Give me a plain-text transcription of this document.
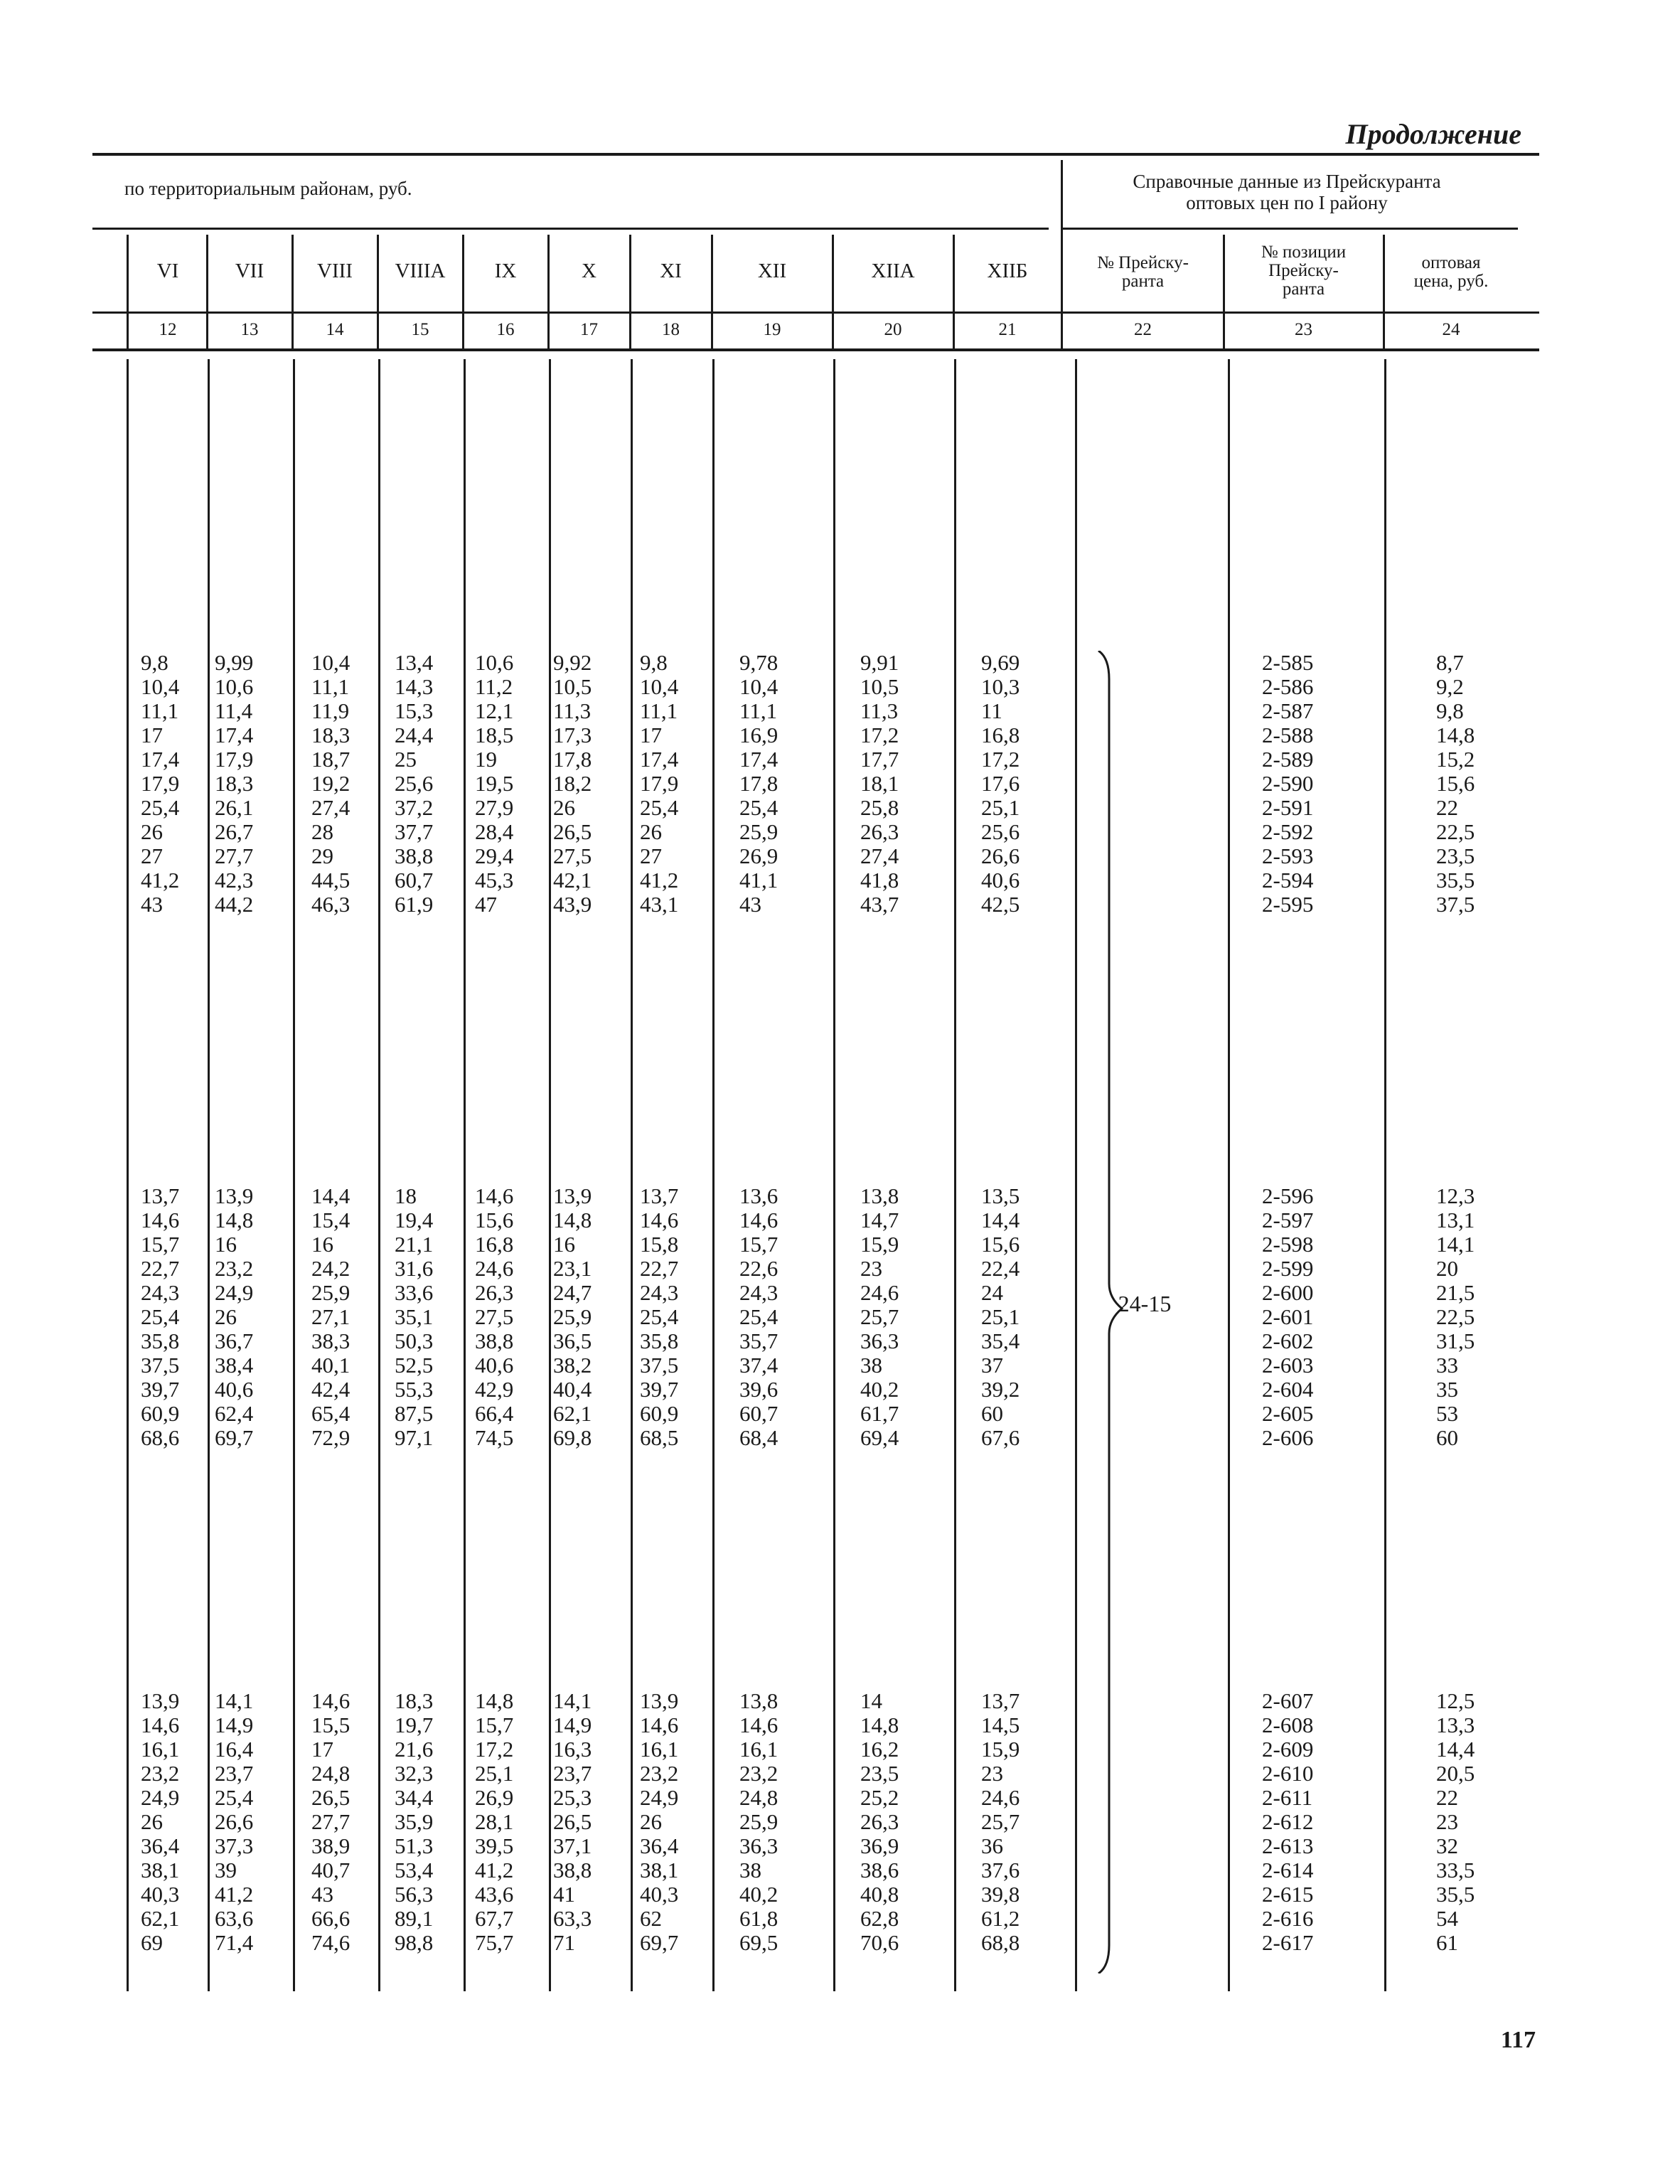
Продолжение
по территориальным районам, руб.	Справочные данные из Прейскуранта
оптовых цен по I району
VI
12
VII
13
VIII
14
VIIIA
15
IX
16
X
17
XI
18
XII
19
XIIA
20
XIIБ
21
№ Прейску-
ранта
22
№ позиции
Прейску-
ранта
23
оптовая
цена, руб.
24
9,8
10,4
11,1
17
17,4
17,9
25,4
26
27
41,2
43
9,99
10,6
11,4
17,4
17,9
18,3
26,1
26,7
27,7
42,3
44,2
10,4
11,1
11,9
18,3
18,7
19,2
27,4
28
29
44,5
46,3
13,4
14,3
15,3
24,4
25
25,6
37,2
37,7
38,8
60,7
61,9
10,6
11,2
12,1
18,5
19
19,5
27,9
28,4
29,4
45,3
47
9,92
10,5
11,3
17,3
17,8
18,2
26
26,5
27,5
42,1
43,9
9,8
10,4
11,1
17
17,4
17,9
25,4
26
27
41,2
43,1
9,78
10,4
11,1
16,9
17,4
17,8
25,4
25,9
26,9
41,1
43
9,91
10,5
11,3
17,2
17,7
18,1
25,8
26,3
27,4
41,8
43,7
9,69
10,3
11
16,8
17,2
17,6
25,1
25,6
26,6
40,6
42,5
2-585
2-586
2-587
2-588
2-589
2-590
2-591
2-592
2-593
2-594
2-595
8,7
9,2
9,8
14,8
15,2
15,6
22
22,5
23,5
35,5
37,5
13,7
14,6
15,7
22,7
24,3
25,4
35,8
37,5
39,7
60,9
68,6
13,9
14,8
16
23,2
24,9
26
36,7
38,4
40,6
62,4
69,7
14,4
15,4
16
24,2
25,9
27,1
38,3
40,1
42,4
65,4
72,9
18
19,4
21,1
31,6
33,6
35,1
50,3
52,5
55,3
87,5
97,1
14,6
15,6
16,8
24,6
26,3
27,5
38,8
40,6
42,9
66,4
74,5
13,9
14,8
16
23,1
24,7
25,9
36,5
38,2
40,4
62,1
69,8
13,7
14,6
15,8
22,7
24,3
25,4
35,8
37,5
39,7
60,9
68,5
13,6
14,6
15,7
22,6
24,3
25,4
35,7
37,4
39,6
60,7
68,4
13,8
14,7
15,9
23
24,6
25,7
36,3
38
40,2
61,7
69,4
13,5
14,4
15,6
22,4
24
25,1
35,4
37
39,2
60
67,6
2-596
2-597
2-598
2-599
2-600
2-601
2-602
2-603
2-604
2-605
2-606
12,3
13,1
14,1
20
21,5
22,5
31,5
33
35
53
60
13,9
14,6
16,1
23,2
24,9
26
36,4
38,1
40,3
62,1
69
14,1
14,9
16,4
23,7
25,4
26,6
37,3
39
41,2
63,6
71,4
14,6
15,5
17
24,8
26,5
27,7
38,9
40,7
43
66,6
74,6
18,3
19,7
21,6
32,3
34,4
35,9
51,3
53,4
56,3
89,1
98,8
14,8
15,7
17,2
25,1
26,9
28,1
39,5
41,2
43,6
67,7
75,7
14,1
14,9
16,3
23,7
25,3
26,5
37,1
38,8
41
63,3
71
13,9
14,6
16,1
23,2
24,9
26
36,4
38,1
40,3
62
69,7
13,8
14,6
16,1
23,2
24,8
25,9
36,3
38
40,2
61,8
69,5
14
14,8
16,2
23,5
25,2
26,3
36,9
38,6
40,8
62,8
70,6
13,7
14,5
15,9
23
24,6
25,7
36
37,6
39,8
61,2
68,8
2-607
2-608
2-609
2-610
2-611
2-612
2-613
2-614
2-615
2-616
2-617
12,5
13,3
14,4
20,5
22
23
32
33,5
35,5
54
61
24-15
117
